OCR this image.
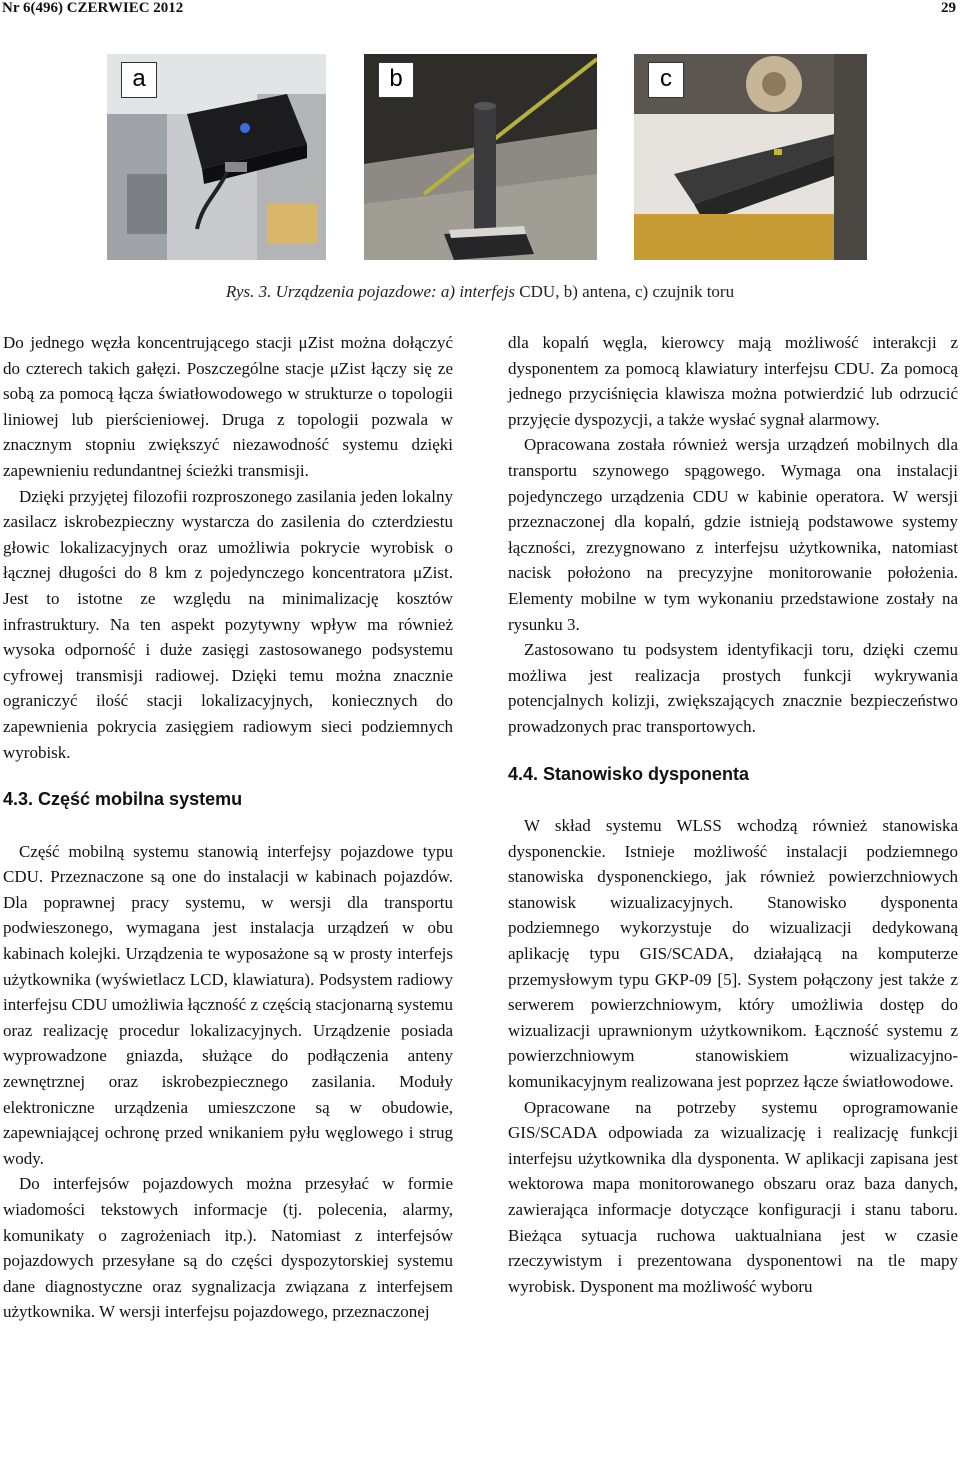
Nr 6(496) CZERWIEC 2012	29
a	b	c
Rys. 3. Urządzenia pojazdowe: a) interfejs CDU, b) antena, c) czujnik toru

Do jednego węzła koncentrującego stacji μZist można dołączyć do czterech takich gałęzi. Poszczególne stacje μZist łączy się ze sobą za pomocą łącza światłowodowego w strukturze o topologii liniowej lub pierścieniowej. Druga z topologii pozwala w znacznym stopniu zwiększyć niezawodność systemu dzięki zapewnieniu redundantnej ścieżki transmisji.

Dzięki przyjętej filozofii rozproszonego zasilania jeden lokalny zasilacz iskrobezpieczny wystarcza do zasilenia do czterdziestu głowic lokalizacyjnych oraz umożliwia pokrycie wyrobisk o łącznej długości do 8 km z pojedynczego koncentratora μZist. Jest to istotne ze względu na minimalizację kosztów infrastruktury. Na ten aspekt pozytywny wpływ ma również wysoka odporność i duże zasięgi zastosowanego podsystemu cyfrowej transmisji radiowej. Dzięki temu można znacznie ograniczyć ilość stacji lokalizacyjnych, koniecznych do zapewnienia pokrycia zasięgiem radiowym sieci podziemnych wyrobisk.

4.3. Część mobilna systemu

Część mobilną systemu stanowią interfejsy pojazdowe typu CDU. Przeznaczone są one do instalacji w kabinach pojazdów. Dla poprawnej pracy systemu, w wersji dla transportu podwieszonego, wymagana jest instalacja urządzeń w obu kabinach kolejki. Urządzenia te wyposażone są w prosty interfejs użytkownika (wyświetlacz LCD, klawiatura). Podsystem radiowy interfejsu CDU umożliwia łączność z częścią stacjonarną systemu oraz realizację procedur lokalizacyjnych. Urządzenie posiada wyprowadzone gniazda, służące do podłączenia anteny zewnętrznej oraz iskrobezpiecznego zasilania. Moduły elektroniczne urządzenia umieszczone są w obudowie, zapewniającej ochronę przed wnikaniem pyłu węglowego i strug wody.

Do interfejsów pojazdowych można przesyłać w formie wiadomości tekstowych informacje (tj. polecenia, alarmy, komunikaty o zagrożeniach itp.). Natomiast z interfejsów pojazdowych przesyłane są do części dyspozytorskiej systemu dane diagnostyczne oraz sygnalizacja związana z interfejsem użytkownika. W wersji interfejsu pojazdowego, przeznaczonej

dla kopalń węgla, kierowcy mają możliwość interakcji z dysponentem za pomocą klawiatury interfejsu CDU. Za pomocą jednego przyciśnięcia klawisza można potwierdzić lub odrzucić przyjęcie dyspozycji, a także wysłać sygnał alarmowy.

Opracowana została również wersja urządzeń mobilnych dla transportu szynowego spągowego. Wymaga ona instalacji pojedynczego urządzenia CDU w kabinie operatora. W wersji przeznaczonej dla kopalń, gdzie istnieją podstawowe systemy łączności, zrezygnowano z interfejsu użytkownika, natomiast nacisk położono na precyzyjne monitorowanie położenia. Elementy mobilne w tym wykonaniu przedstawione zostały na rysunku 3.

Zastosowano tu podsystem identyfikacji toru, dzięki czemu możliwa jest realizacja prostych funkcji wykrywania potencjalnych kolizji, zwiększających znacznie bezpieczeństwo prowadzonych prac transportowych.

4.4. Stanowisko dysponenta

W skład systemu WLSS wchodzą również stanowiska dysponenckie. Istnieje możliwość instalacji podziemnego stanowiska dysponenckiego, jak również powierzchniowych stanowisk wizualizacyjnych. Stanowisko dysponenta podziemnego wykorzystuje do wizualizacji dedykowaną aplikację typu GIS/SCADA, działającą na komputerze przemysłowym typu GKP-09 [5]. System połączony jest także z serwerem powierzchniowym, który umożliwia dostęp do wizualizacji uprawnionym użytkownikom. Łączność systemu z powierzchniowym stanowiskiem wizualizacyjno-komunikacyjnym realizowana jest poprzez łącze światłowodowe.

Opracowane na potrzeby systemu oprogramowanie GIS/SCADA odpowiada za wizualizację i realizację funkcji interfejsu użytkownika dla dysponenta. W aplikacji zapisana jest wektorowa mapa monitorowanego obszaru oraz baza danych, zawierająca informacje dotyczące konfiguracji i stanu taboru. Bieżąca sytuacja ruchowa uaktualniana jest w czasie rzeczywistym i prezentowana dysponentowi na tle mapy wyrobisk. Dysponent ma możliwość wyboru
